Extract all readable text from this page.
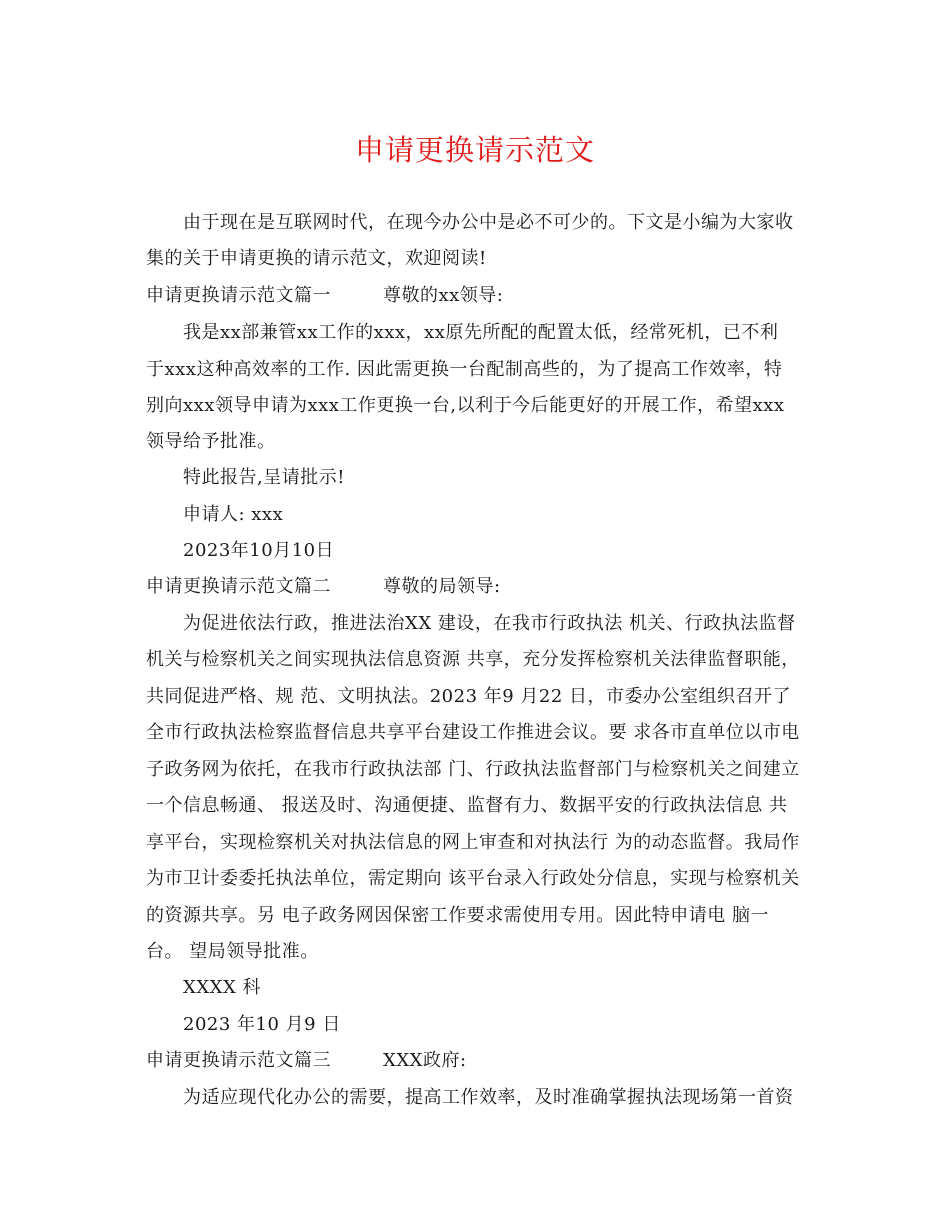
申请更换请示范文
由于现在是互联网时代，在现今办公中是必不可少的。下文是小编为大家收
集的关于申请更换的请示范文，欢迎阅读!
申请更换请示范文篇一	尊敬的xx领导:
我是xx部兼管xx工作的xxx，xx原先所配的配置太低，经常死机，已不利
于xxx这种高效率的工作. 因此需更换一台配制高些的，为了提高工作效率，特
别向xxx领导申请为xxx工作更换一台,以利于今后能更好的开展工作，希望xxx
领导给予批准。
特此报告,呈请批示!
申请人: xxx
2023年10月10日
申请更换请示范文篇二	尊敬的局领导:
为促进依法行政，推进法治XX 建设，在我市行政执法 机关、行政执法监督
机关与检察机关之间实现执法信息资源 共享，充分发挥检察机关法律监督职能，
共同促进严格、规 范、文明执法。2023 年9 月22 日，市委办公室组织召开了
全市行政执法检察监督信息共享平台建设工作推进会议。要 求各市直单位以市电
子政务网为依托，在我市行政执法部 门、行政执法监督部门与检察机关之间建立
一个信息畅通、 报送及时、沟通便捷、监督有力、数据平安的行政执法信息 共
享平台，实现检察机关对执法信息的网上审查和对执法行 为的动态监督。我局作
为市卫计委委托执法单位，需定期向 该平台录入行政处分信息，实现与检察机关
的资源共享。另 电子政务网因保密工作要求需使用专用。因此特申请电 脑一
台。 望局领导批准。
XXXX 科
2023 年10 月9 日
申请更换请示范文篇三	XXX政府:
为适应现代化办公的需要，提高工作效率，及时准确掌握执法现场第一首资
